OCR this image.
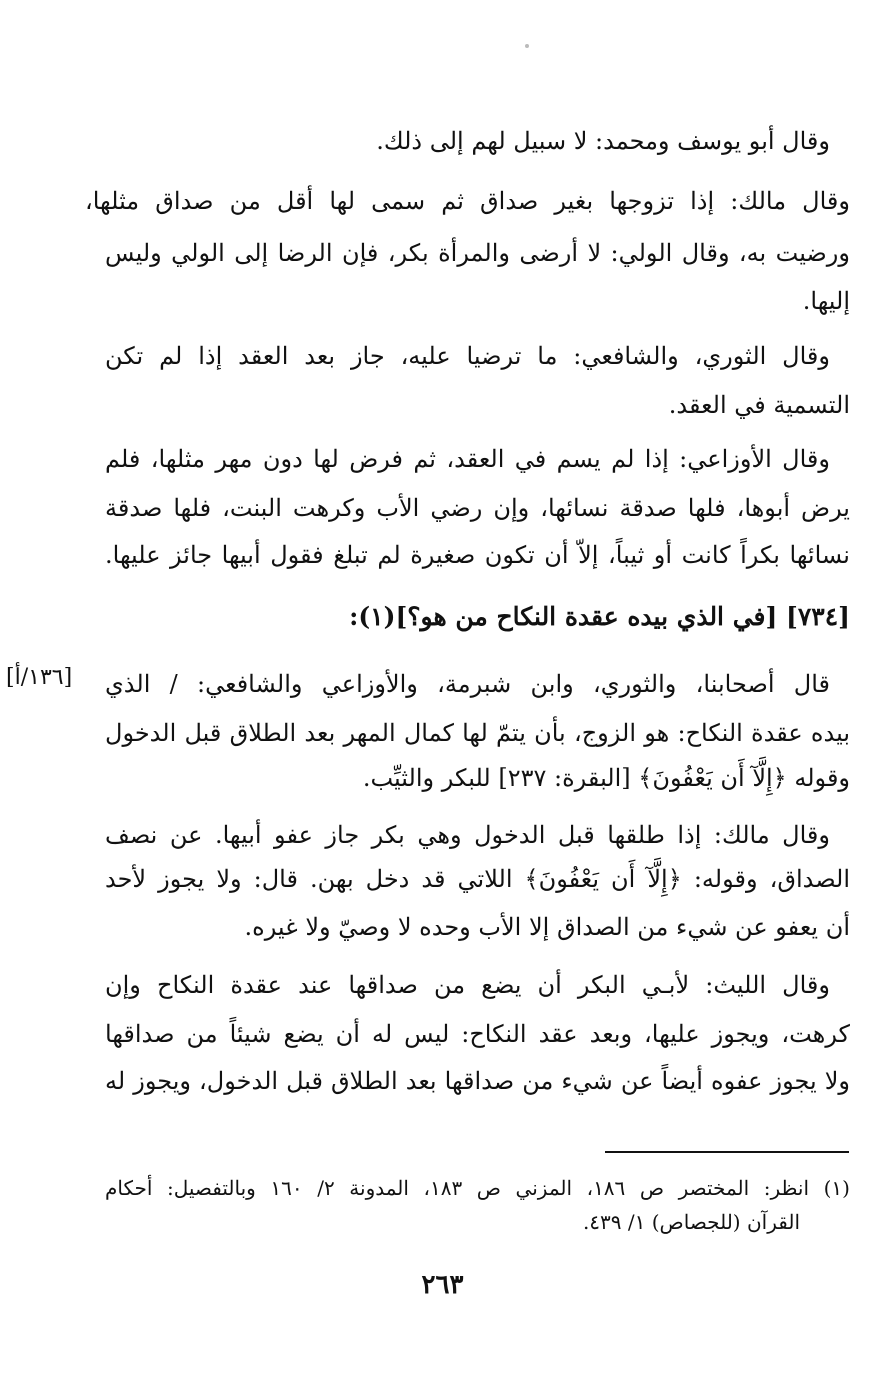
وقال أبو يوسف ومحمد: لا سبيل لهم إلى ذلك.
وقال مالك: إذا تزوجها بغير صداق ثم سمى لها أقل من صداق مثلها،
ورضيت به، وقال الولي: لا أرضى والمرأة بكر، فإن الرضا إلى الولي وليس
إليها.
وقال الثوري، والشافعي: ما ترضيا عليه، جاز بعد العقد إذا لم تكن
التسمية في العقد.
وقال الأوزاعي: إذا لم يسم في العقد، ثم فرض لها دون مهر مثلها، فلم
يرض أبوها، فلها صدقة نسائها، وإن رضي الأب وكرهت البنت، فلها صدقة
نسائها بكراً كانت أو ثيباً، إلاّ أن تكون صغيرة لم تبلغ فقول أبيها جائز عليها.
[٧٣٤] [في الذي بيده عقدة النكاح من هو؟](١):
قال أصحابنا، والثوري، وابن شبرمة، والأوزاعي والشافعي: / الذي
بيده عقدة النكاح: هو الزوج، بأن يتمّ لها كمال المهر بعد الطلاق قبل الدخول
وقوله ﴿إِلَّآ أَن يَعْفُونَ﴾ [البقرة: ٢٣٧] للبكر والثيِّب.
[١٣٦/أ]
وقال مالك: إذا طلقها قبل الدخول وهي بكر جاز عفو أبيها. عن نصف
الصداق، وقوله: ﴿إِلَّآ أَن يَعْفُونَ﴾ اللاتي قد دخل بهن. قال: ولا يجوز لأحد
أن يعفو عن شيء من الصداق إلا الأب وحده لا وصيّ ولا غيره.
وقال الليث: لأبـي البكر أن يضع من صداقها عند عقدة النكاح وإن
كرهت، ويجوز عليها، وبعد عقد النكاح: ليس له أن يضع شيئاً من صداقها
ولا يجوز عفوه أيضاً عن شيء من صداقها بعد الطلاق قبل الدخول، ويجوز له
(١) انظر: المختصر ص ١٨٦، المزني ص ١٨٣، المدونة ٢/ ١٦٠ وبالتفصيل: أحكام
القرآن (للجصاص) ١/ ٤٣٩.
٢٦٣
